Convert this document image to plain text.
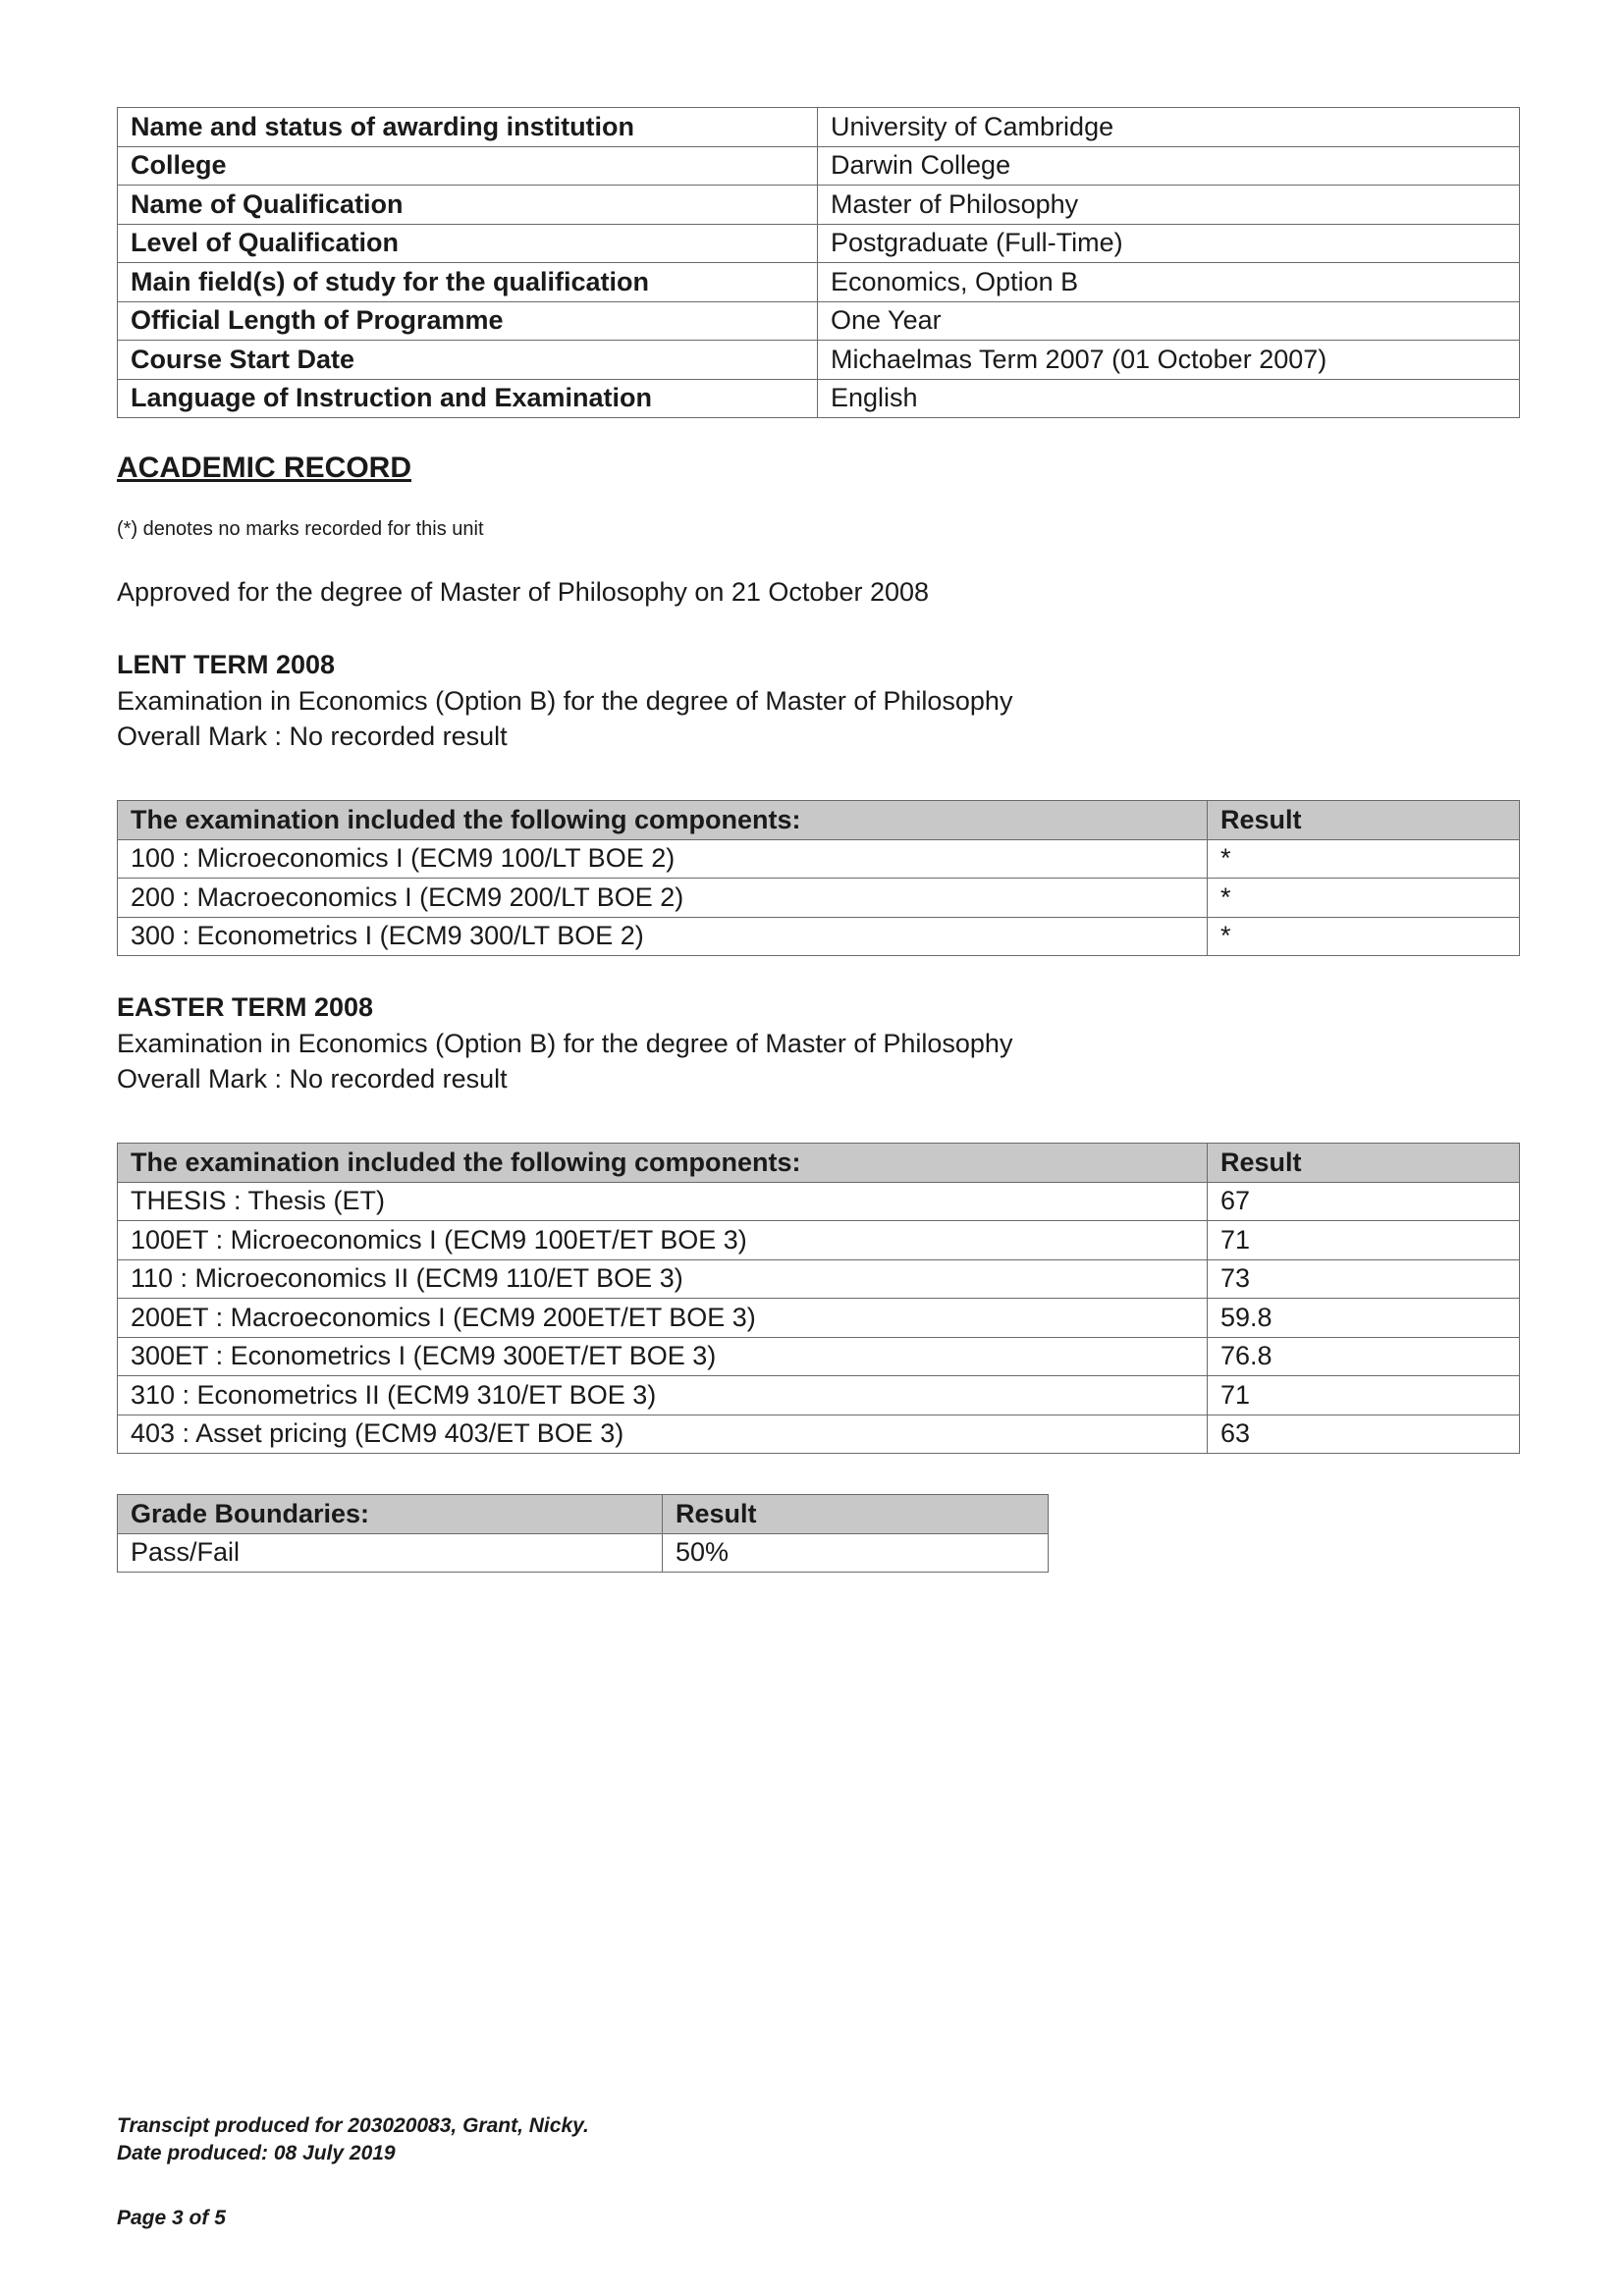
Name and status of awarding institution	University of Cambridge
College	Darwin College
Name of Qualification	Master of Philosophy
Level of Qualification	Postgraduate (Full-Time)
Main field(s) of study for the qualification	Economics, Option B
Official Length of Programme	One Year
Course Start Date	Michaelmas Term 2007 (01 October 2007)
Language of Instruction and Examination	English
ACADEMIC RECORD

(*) denotes no marks recorded for this unit

Approved for the degree of Master of Philosophy on 21 October 2008

LENT TERM 2008

Examination in Economics (Option B) for the degree of Master of Philosophy

Overall Mark : No recorded result

The examination included the following components:	Result
100 : Microeconomics I (ECM9 100/LT BOE 2)	*
200 : Macroeconomics I (ECM9 200/LT BOE 2)	*
300 : Econometrics I (ECM9 300/LT BOE 2)	*

EASTER TERM 2008

Examination in Economics (Option B) for the degree of Master of Philosophy

Overall Mark : No recorded result

The examination included the following components:	Result
THESIS : Thesis (ET)	67
100ET : Microeconomics I (ECM9 100ET/ET BOE 3)	71
110 : Microeconomics II (ECM9 110/ET BOE 3)	73
200ET : Macroeconomics I (ECM9 200ET/ET BOE 3)	59.8
300ET : Econometrics I (ECM9 300ET/ET BOE 3)	76.8
310 : Econometrics II (ECM9 310/ET BOE 3)	71
403 : Asset pricing (ECM9 403/ET BOE 3)	63
Grade Boundaries:	Result
Pass/Fail	50%

Transcipt produced for 203020083, Grant, Nicky.

Date produced: 08 July 2019

Page 3 of 5
